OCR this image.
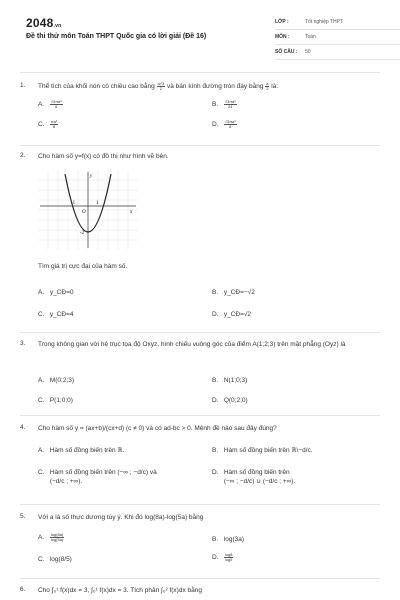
2048.vn
Đề thi thử môn Toán THPT Quốc gia có lời giải (Đề 16)
LỚP :	Tốt nghiệp THPT
MÔN :	Toán
SỐ CÂU :	50
1.	Thể tích của khối nón có chiều cao bằng $\frac{a√3}{2}$ và bán kính đường tròn đáy bằng $\frac{a}{2}$ là:
A. $\frac{\text{√3πa³}}{6}$	B. $\frac{\text{√3πa³}}{24}$
C. $\frac{\text{πa³}}{8}$	D. $\frac{\text{√3πa³}}{8}$
2.	Cho hàm số y=f(x) có đồ thị như hình vẽ bên.
y
x
O
-1	1
-2
Tìm giá trị cực đại của hàm số.
A. y_CĐ=0	B. y_CĐ=−√2
C. y_CĐ=4	D. y_CĐ=√2
3.	Trong không gian với hệ trục tọa độ Oxyz, hình chiếu vuông góc của điểm A(1;2;3) trên mặt phẳng (Oyz) là
A. M(0;2;3)	B. N(1;0;3)
C. P(1;0;0)	D. Q(0;2;0)
4.	Cho hàm số y = (ax+b)/(cx+d) (c ≠ 0) và có ad-bc > 0. Mệnh đề nào sau đây đúng?
A. Hàm số đồng biến trên ℝ.	B. Hàm số đồng biến trên ℝ\−d/c.
C. Hàm số đồng biến trên (−∞ ; −d/c) và
(−d/c ; +∞).
D. Hàm số đồng biến trên
(−∞ ; −d/c) ∪ (−d/c ; +∞).
5.	Với a là số thực dương tùy ý. Khi đó log(8a)-log(5a) bằng
A. $\frac{\log(8a)}{\log(5a)}$	B. log(3a)
C. log(8/5)	D. $\frac{\log 8}{\log 5}$
6.	Cho ∫₀¹ f(x)dx = 3, ∫₀¹ f(x)dx = 3. Tích phân ∫₀² f(x)dx bằng
